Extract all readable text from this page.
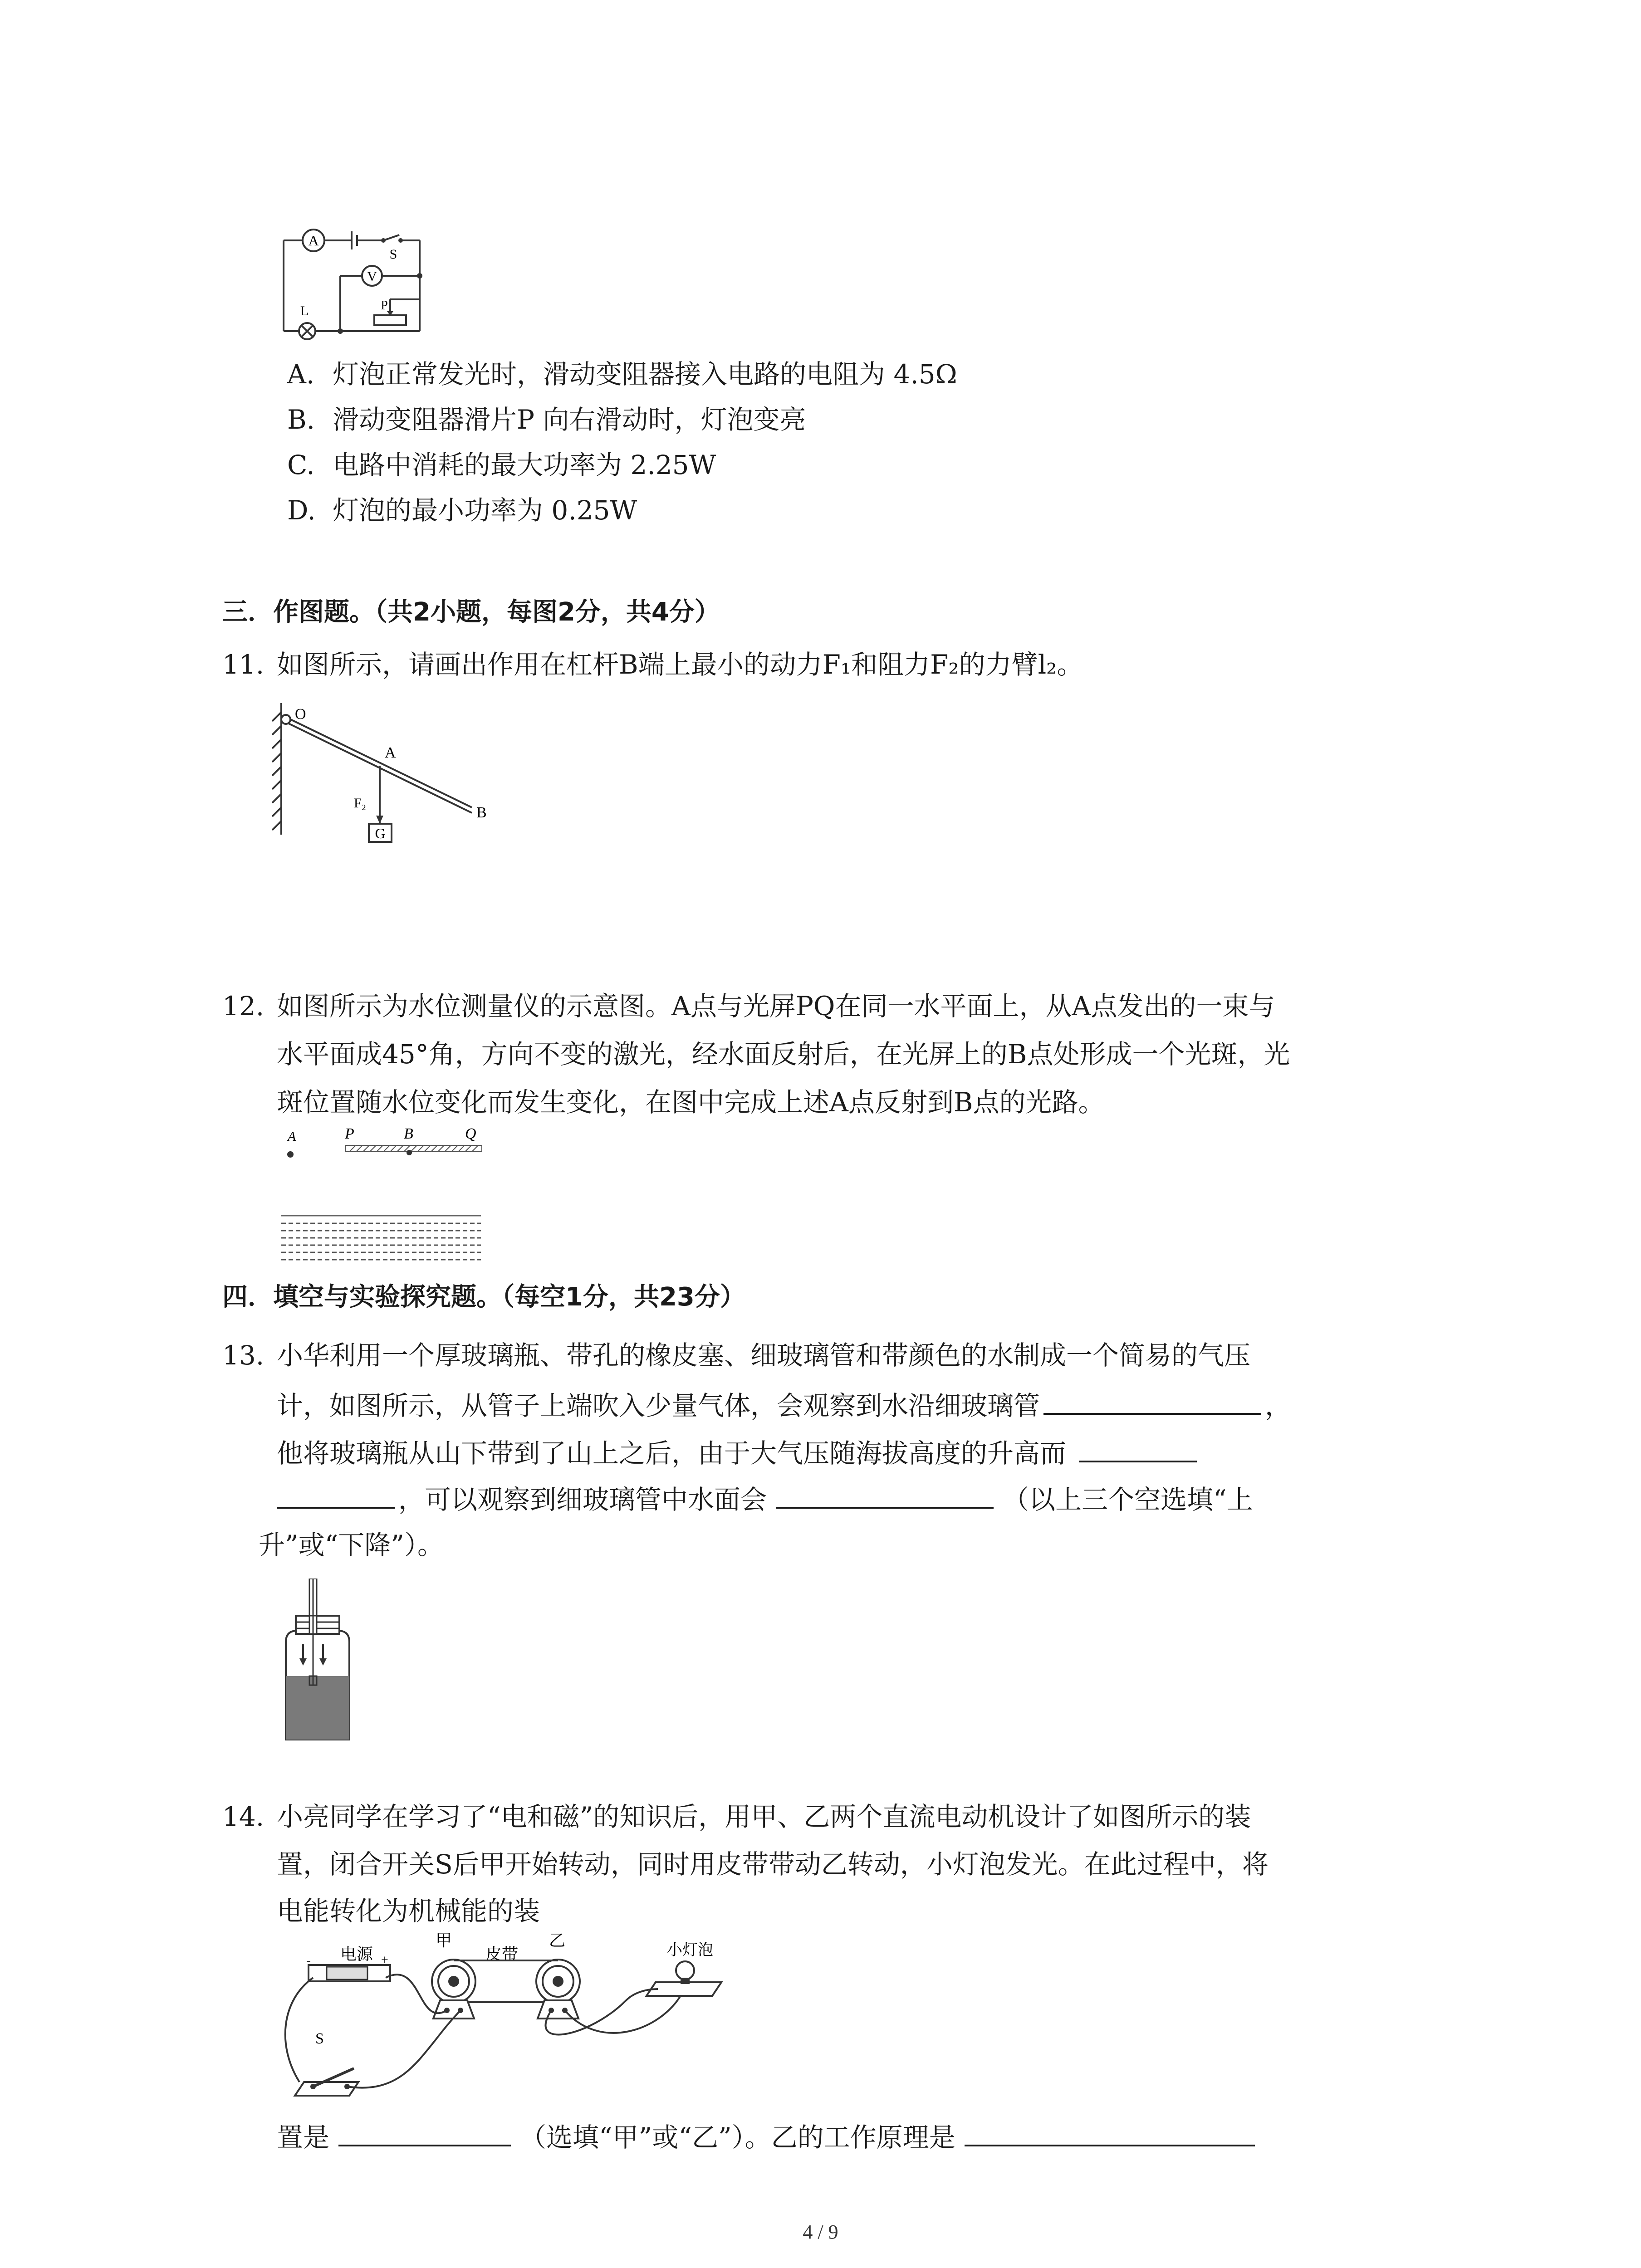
A
S
V
L	P
A. 灯泡正常发光时，滑动变阻器接入电路的电阻为 4.5Ω
B. 滑动变阻器滑片P 向右滑动时，灯泡变亮
C. 电路中消耗的最大功率为 2.25W
D. 灯泡的最小功率为 0.25W
三．作图题。（共2小题，每图2分，共4分）
11. 如图所示，请画出作用在杠杆B端上最小的动力F₁和阻力F₂的力臂l₂。
O
A
B
F₂
G
12. 如图所示为水位测量仪的示意图。A点与光屏PQ在同一水平面上，从A点发出的一束与
水平面成45°角，方向不变的激光，经水面反射后，在光屏上的B点处形成一个光斑，光
斑位置随水位变化而发生变化，在图中完成上述A点反射到B点的光路。
A	P	B	Q
四．填空与实验探究题。（每空1分，共23分）
13. 小华利用一个厚玻璃瓶、带孔的橡皮塞、细玻璃管和带颜色的水制成一个简易的气压
计，如图所示，从管子上端吹入少量气体，会观察到水沿细玻璃管	，
他将玻璃瓶从山下带到了山上之后，由于大气压随海拔高度的升高而
，可以观察到细玻璃管中水面会	（以上三个空选填“上
升”或“下降”）。
14. 小亮同学在学习了“电和磁”的知识后，用甲、乙两个直流电动机设计了如图所示的装
置，闭合开关S后甲开始转动，同时用皮带带动乙转动，小灯泡发光。在此过程中，将
电能转化为机械能的装
电源
-	+
甲
皮带
乙
小灯泡
S
置是	（选填“甲”或“乙”）。乙的工作原理是
4 / 9
